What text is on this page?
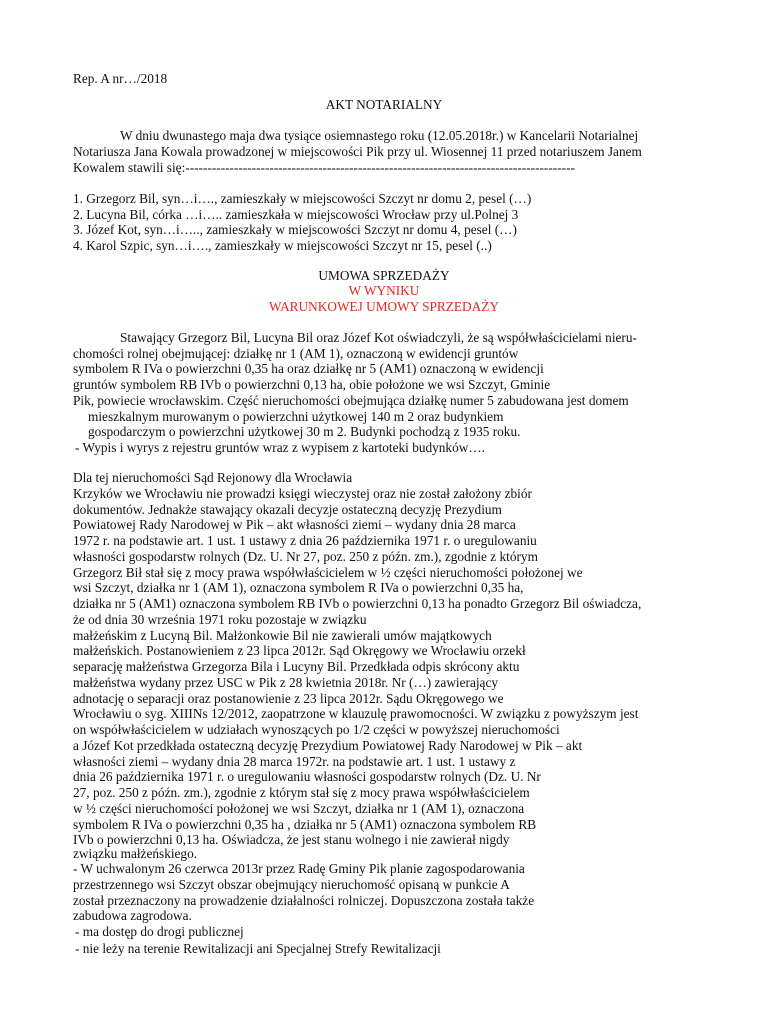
Rep. A nr…/2018
AKT NOTARIALNY
W dniu dwunastego maja dwa tysiące osiemnastego roku (12.05.2018r.) w Kancelarii Notarialnej
Notariusza Jana Kowala prowadzonej w miejscowości Pik przy ul. Wiosennej 11 przed notariuszem Janem
Kowalem stawili się:----------------------------------------------------------------------------------------
1. Grzegorz Bil, syn…i…., zamieszkały w miejscowości Szczyt nr domu 2, pesel (…)
2. Lucyna Bil, córka …i….. zamieszkała w miejscowości Wrocław przy ul.Polnej 3
3. Józef Kot, syn…i….., zamieszkały w miejscowości Szczyt nr domu 4, pesel (…)
4. Karol Szpic, syn…i…., zamieszkały w miejscowości Szczyt nr 15, pesel (..)
UMOWA SPRZEDAŻY
W WYNIKU
WARUNKOWEJ UMOWY SPRZEDAŻY
Stawający Grzegorz Bil, Lucyna Bil oraz Józef Kot oświadczyli, że są współwłaścicielami nieru-
chomości rolnej obejmującej: działkę nr 1 (AM 1), oznaczoną w ewidencji gruntów
symbolem R IVa o powierzchni 0,35 ha oraz działkę nr 5 (AM1) oznaczoną w ewidencji
gruntów symbolem RB IVb o powierzchni 0,13 ha, obie położone we wsi Szczyt, Gminie
Pik, powiecie wrocławskim. Część nieruchomości obejmująca działkę numer 5 zabudowana jest domem
mieszkalnym murowanym o powierzchni użytkowej 140 m 2 oraz budynkiem
gospodarczym o powierzchni użytkowej 30 m 2. Budynki pochodzą z 1935 roku.
- Wypis i wyrys z rejestru gruntów wraz z wypisem z kartoteki budynków….
Dla tej nieruchomości Sąd Rejonowy dla Wrocławia
Krzyków we Wrocławiu nie prowadzi księgi wieczystej oraz nie został założony zbiór
dokumentów. Jednakże stawający okazali decyzje ostateczną decyzję Prezydium
Powiatowej Rady Narodowej w Pik – akt własności ziemi – wydany dnia 28 marca
1972 r. na podstawie art. 1 ust. 1 ustawy z dnia 26 października 1971 r. o uregulowaniu
własności gospodarstw rolnych (Dz. U. Nr 27, poz. 250 z późn. zm.), zgodnie z którym
Grzegorz Bił stał się z mocy prawa współwłaścicielem w ½ części nieruchomości położonej we
wsi Szczyt, działka nr 1 (AM 1), oznaczona symbolem R IVa o powierzchni 0,35 ha,
działka nr 5 (AM1) oznaczona symbolem RB IVb o powierzchni 0,13 ha ponadto Grzegorz Bil oświadcza,
że od dnia 30 września 1971 roku pozostaje w związku
małżeńskim z Lucyną Bil. Małżonkowie Bil nie zawierali umów majątkowych
małżeńskich. Postanowieniem z 23 lipca 2012r. Sąd Okręgowy we Wrocławiu orzekł
separację małżeństwa Grzegorza Bila i Lucyny Bil. Przedkłada odpis skrócony aktu
małżeństwa wydany przez USC w Pik z 28 kwietnia 2018r. Nr (…) zawierający
adnotację o separacji oraz postanowienie z 23 lipca 2012r. Sądu Okręgowego we
Wrocławiu o syg. XIIINs 12/2012, zaopatrzone w klauzulę prawomocności. W związku z powyższym jest
on współwłaścicielem w udziałach wynoszących po 1/2 części w powyższej nieruchomości
a Józef Kot przedkłada ostateczną decyzję Prezydium Powiatowej Rady Narodowej w Pik – akt
własności ziemi – wydany dnia 28 marca 1972r. na podstawie art. 1 ust. 1 ustawy z
dnia 26 października 1971 r. o uregulowaniu własności gospodarstw rolnych (Dz. U. Nr
27, poz. 250 z późn. zm.), zgodnie z którym stał się z mocy prawa współwłaścicielem
w ½ części nieruchomości położonej we wsi Szczyt, działka nr 1 (AM 1), oznaczona
symbolem R IVa o powierzchni 0,35 ha , działka nr 5 (AM1) oznaczona symbolem RB
IVb o powierzchni 0,13 ha. Oświadcza, że jest stanu wolnego i nie zawierał nigdy
związku małżeńskiego.
- W uchwalonym 26 czerwca 2013r przez Radę Gminy Pik planie zagospodarowania
przestrzennego wsi Szczyt obszar obejmujący nieruchomość opisaną w punkcie A
został przeznaczony na prowadzenie działalności rolniczej. Dopuszczona została także
zabudowa zagrodowa.
- ma dostęp do drogi publicznej
- nie leży na terenie Rewitalizacji ani Specjalnej Strefy Rewitalizacji
